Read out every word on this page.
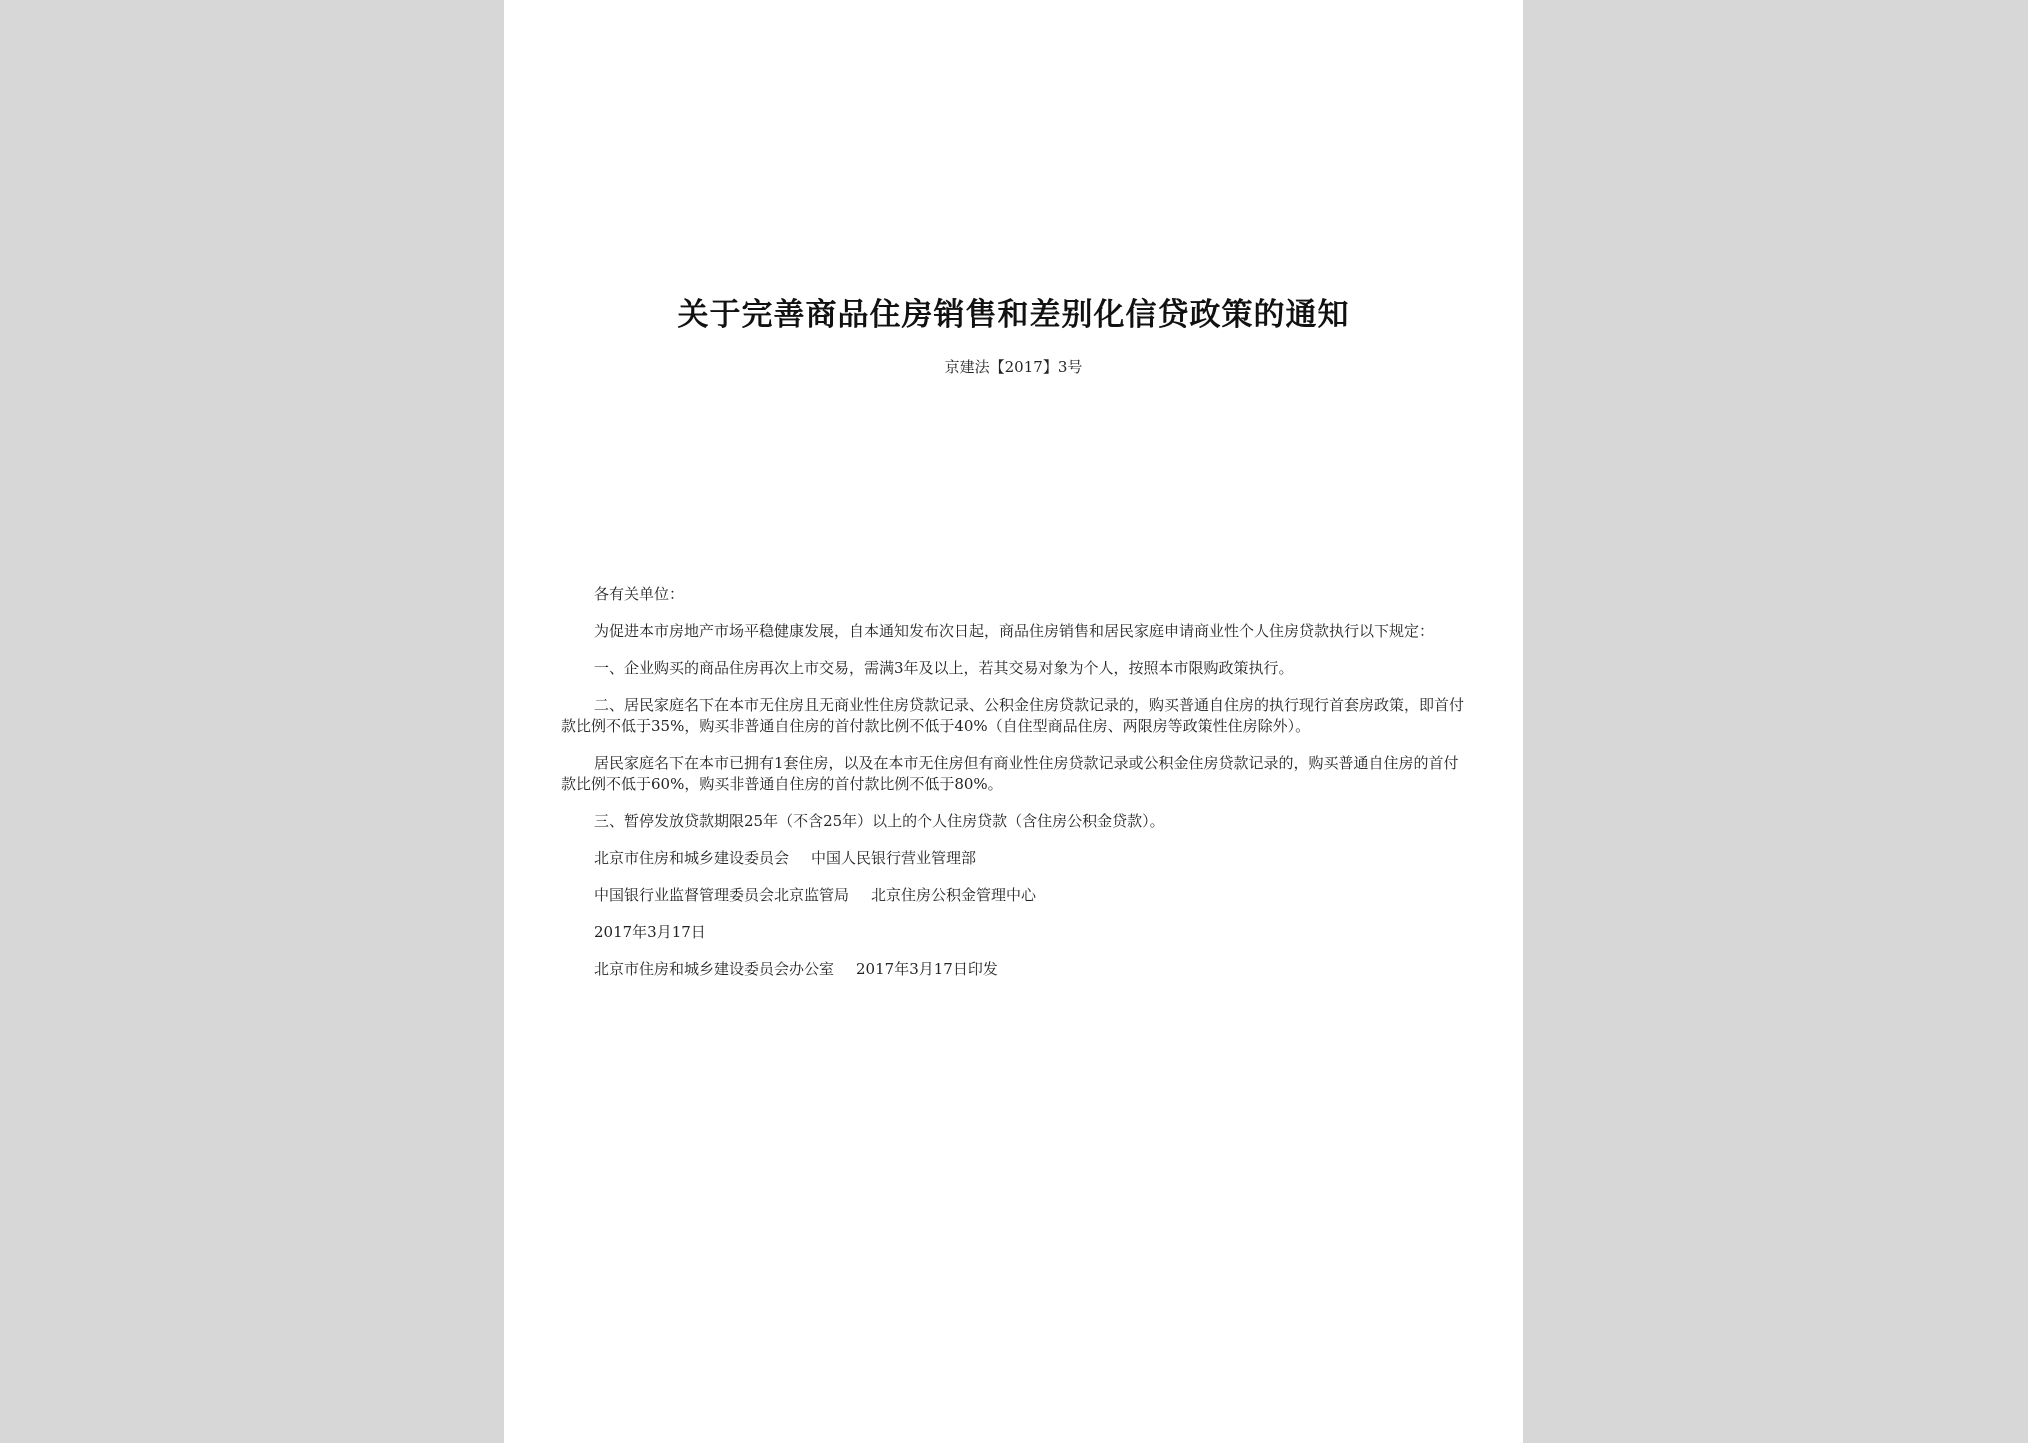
关于完善商品住房销售和差别化信贷政策的通知
京建法【2017】3号

各有关单位：

为促进本市房地产市场平稳健康发展，自本通知发布次日起，商品住房销售和居民家庭申请商业性个人住房贷款执行以下规定：

一、企业购买的商品住房再次上市交易，需满3年及以上，若其交易对象为个人，按照本市限购政策执行。

二、居民家庭名下在本市无住房且无商业性住房贷款记录、公积金住房贷款记录的，购买普通自住房的执行现行首套房政策，即首付款比例不低于35%，购买非普通自住房的首付款比例不低于40%（自住型商品住房、两限房等政策性住房除外）。

居民家庭名下在本市已拥有1套住房，以及在本市无住房但有商业性住房贷款记录或公积金住房贷款记录的，购买普通自住房的首付款比例不低于60%，购买非普通自住房的首付款比例不低于80%。

三、暂停发放贷款期限25年（不含25年）以上的个人住房贷款（含住房公积金贷款）。

北京市住房和城乡建设委员会 中国人民银行营业管理部

中国银行业监督管理委员会北京监管局 北京住房公积金管理中心

2017年3月17日

北京市住房和城乡建设委员会办公室 2017年3月17日印发
